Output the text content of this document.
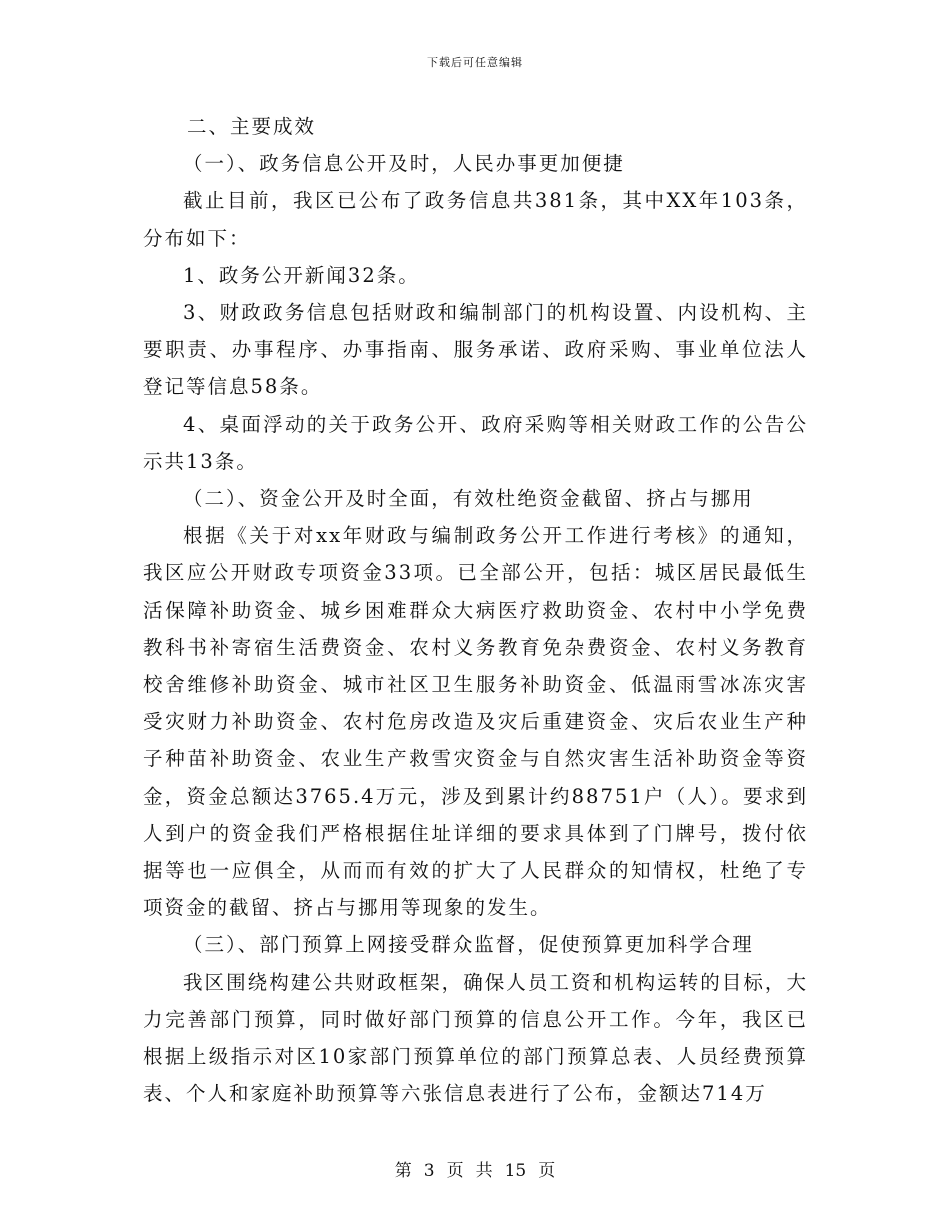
下载后可任意编辑

二、主要成效

（一）、政务信息公开及时，人民办事更加便捷

截止目前，我区已公布了政务信息共381条，其中XX年103条，分布如下：

1、政务公开新闻32条。

3、财政政务信息包括财政和编制部门的机构设置、内设机构、主要职责、办事程序、办事指南、服务承诺、政府采购、事业单位法人登记等信息58条。

4、桌面浮动的关于政务公开、政府采购等相关财政工作的公告公示共13条。

（二）、资金公开及时全面，有效杜绝资金截留、挤占与挪用

根据《关于对xx年财政与编制政务公开工作进行考核》的通知，我区应公开财政专项资金33项。已全部公开，包括：城区居民最低生活保障补助资金、城乡困难群众大病医疗救助资金、农村中小学免费教科书补寄宿生活费资金、农村义务教育免杂费资金、农村义务教育校舍维修补助资金、城市社区卫生服务补助资金、低温雨雪冰冻灾害受灾财力补助资金、农村危房改造及灾后重建资金、灾后农业生产种子种苗补助资金、农业生产救雪灾资金与自然灾害生活补助资金等资金，资金总额达3765.4万元，涉及到累计约88751户（人）。要求到人到户的资金我们严格根据住址详细的要求具体到了门牌号，拨付依据等也一应俱全，从而而有效的扩大了人民群众的知情权，杜绝了专项资金的截留、挤占与挪用等现象的发生。

（三）、部门预算上网接受群众监督，促使预算更加科学合理

我区围绕构建公共财政框架，确保人员工资和机构运转的目标，大力完善部门预算，同时做好部门预算的信息公开工作。今年，我区已根据上级指示对区10家部门预算单位的部门预算总表、人员经费预算表、个人和家庭补助预算等六张信息表进行了公布，金额达714万

第 3 页 共 15 页
